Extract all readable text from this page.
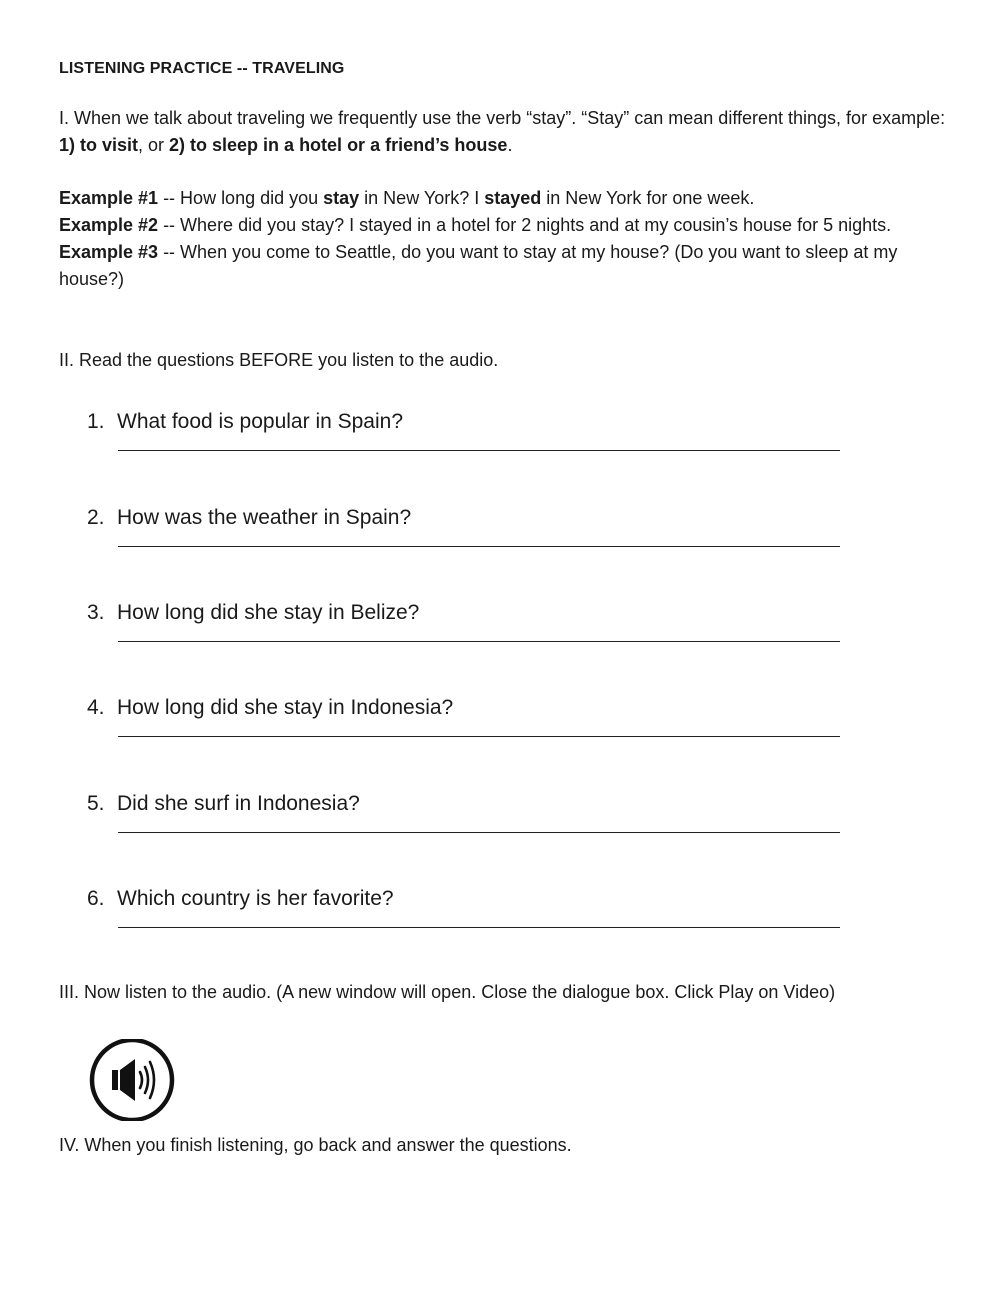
LISTENING PRACTICE -- TRAVELING
I. When we talk about traveling we frequently use the verb “stay”. “Stay” can mean different things, for example: 1) to visit, or 2) to sleep in a hotel or a friend’s house.
Example #1 -- How long did you stay in New York? I stayed in New York for one week.
Example #2 -- Where did you stay? I stayed in a hotel for 2 nights and at my cousin’s house for 5 nights.
Example #3 -- When you come to Seattle, do you want to stay at my house? (Do you want to sleep at my house?)
II. Read the questions BEFORE you listen to the audio.
1. What food is popular in Spain?
2. How was the weather in Spain?
3. How long did she stay in Belize?
4. How long did she stay in Indonesia?
5. Did she surf in Indonesia?
6. Which country is her favorite?
III. Now listen to the audio. (A new window will open. Close the dialogue box. Click Play on Video)
IV. When you finish listening, go back and answer the questions.
